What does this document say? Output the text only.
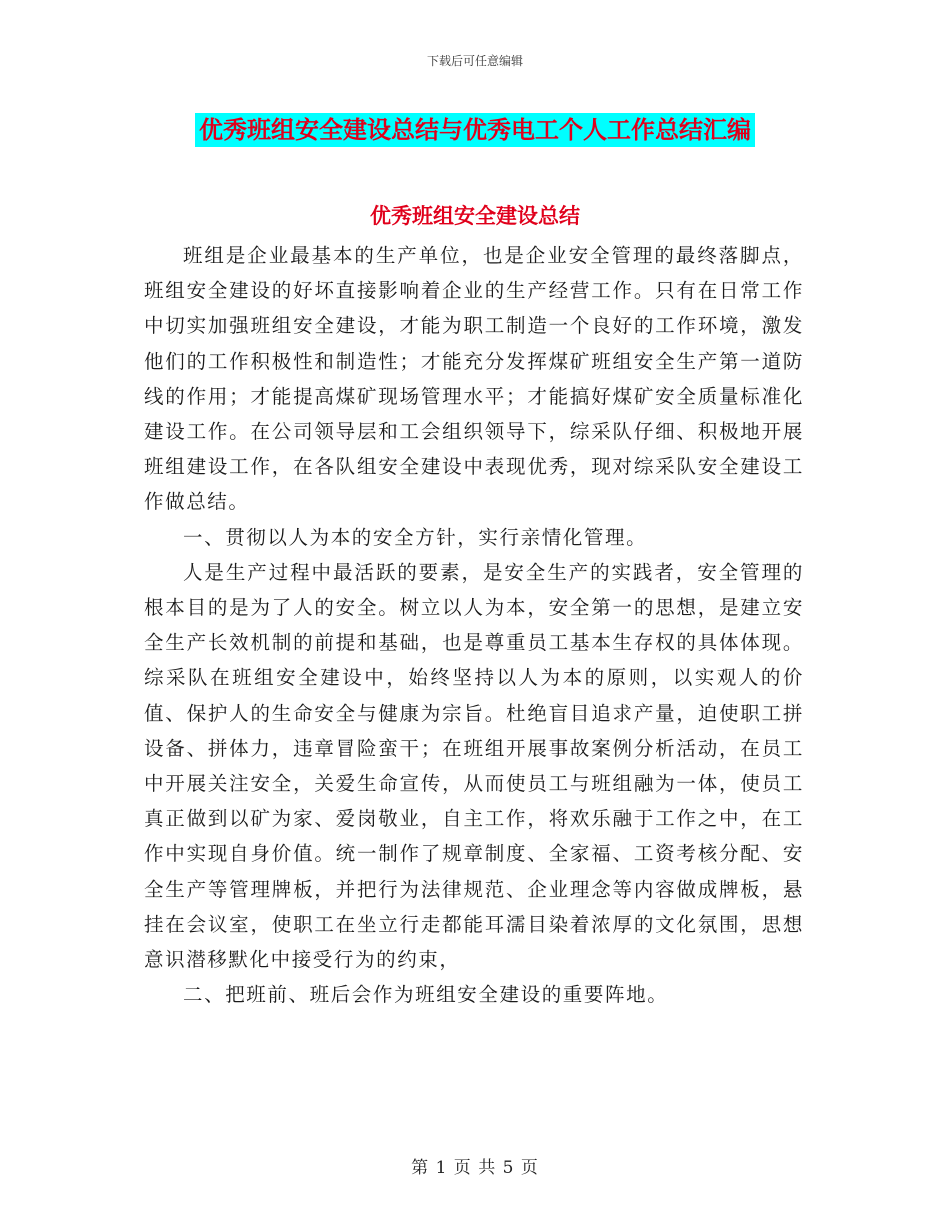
下载后可任意编辑
优秀班组安全建设总结与优秀电工个人工作总结汇编
优秀班组安全建设总结

班组是企业最基本的生产单位，也是企业安全管理的最终落脚点，班组安全建设的好坏直接影响着企业的生产经营工作。只有在日常工作中切实加强班组安全建设，才能为职工制造一个良好的工作环境，激发他们的工作积极性和制造性；才能充分发挥煤矿班组安全生产第一道防线的作用；才能提高煤矿现场管理水平；才能搞好煤矿安全质量标准化建设工作。在公司领导层和工会组织领导下，综采队仔细、积极地开展班组建设工作，在各队组安全建设中表现优秀，现对综采队安全建设工作做总结。

一、贯彻以人为本的安全方针，实行亲情化管理。

人是生产过程中最活跃的要素，是安全生产的实践者，安全管理的根本目的是为了人的安全。树立以人为本，安全第一的思想，是建立安全生产长效机制的前提和基础，也是尊重员工基本生存权的具体体现。综采队在班组安全建设中，始终坚持以人为本的原则，以实观人的价值、保护人的生命安全与健康为宗旨。杜绝盲目追求产量，迫使职工拼设备、拼体力，违章冒险蛮干；在班组开展事故案例分析活动，在员工中开展关注安全，关爱生命宣传，从而使员工与班组融为一体，使员工真正做到以矿为家、爱岗敬业，自主工作，将欢乐融于工作之中，在工作中实现自身价值。统一制作了规章制度、全家福、工资考核分配、安全生产等管理牌板，并把行为法律规范、企业理念等内容做成牌板，悬挂在会议室，使职工在坐立行走都能耳濡目染着浓厚的文化氛围，思想意识潜移默化中接受行为的约束，

二、把班前、班后会作为班组安全建设的重要阵地。

第 1 页 共 5 页
